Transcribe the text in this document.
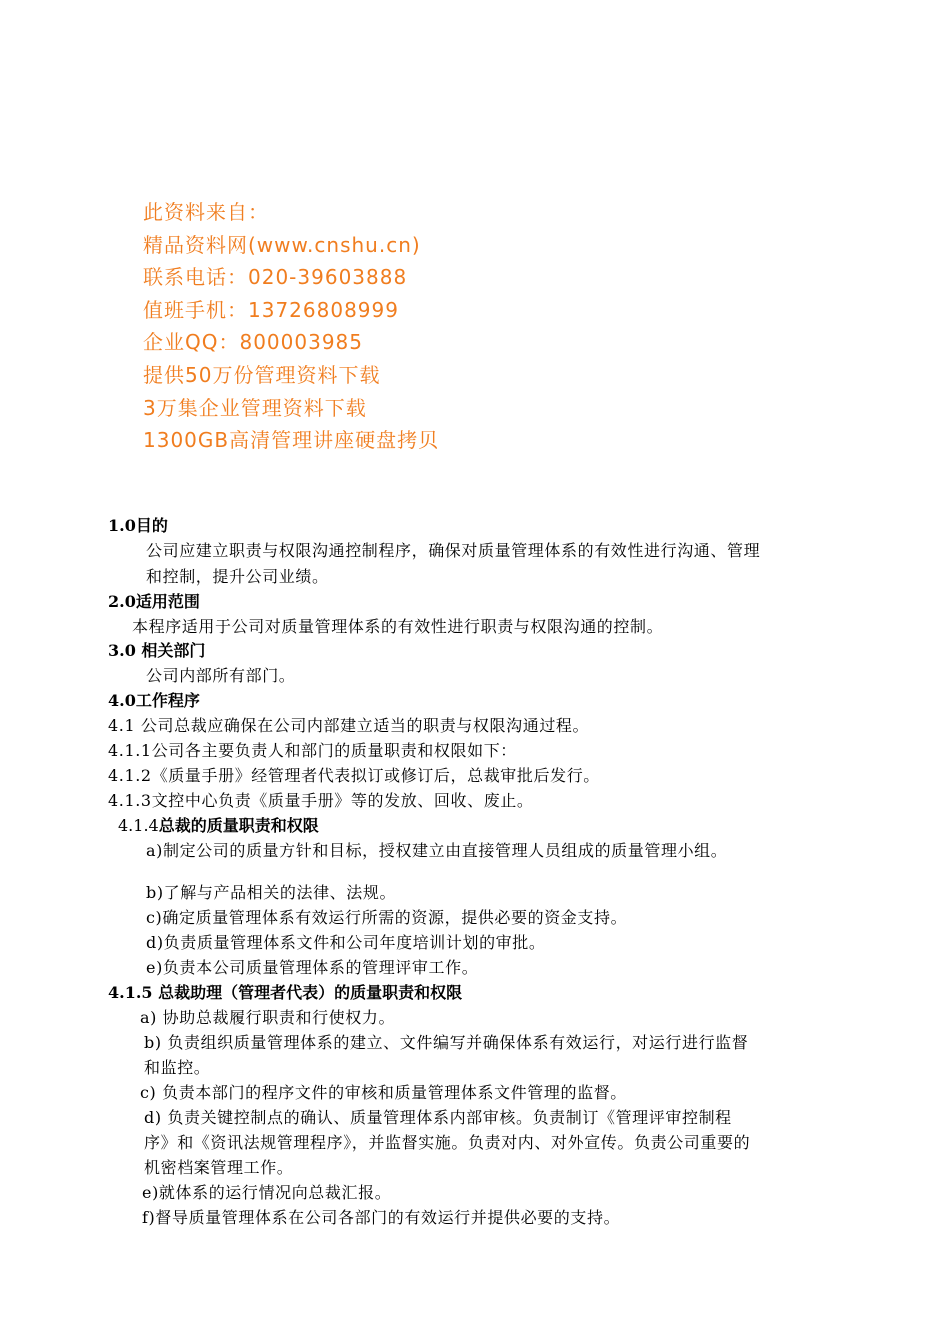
此资料来自：
精品资料网(www.cnshu.cn)
联系电话：020-39603888
值班手机：13726808999
企业QQ：800003985
提供50万份管理资料下载
3万集企业管理资料下载
1300GB高清管理讲座硬盘拷贝
1.0目的
公司应建立职责与权限沟通控制程序，确保对质量管理体系的有效性进行沟通、管理
和控制，提升公司业绩。
2.0适用范围
本程序适用于公司对质量管理体系的有效性进行职责与权限沟通的控制。
3.0 相关部门
公司内部所有部门。
4.0工作程序
4.1 公司总裁应确保在公司内部建立适当的职责与权限沟通过程。
4.1.1公司各主要负责人和部门的质量职责和权限如下：
4.1.2《质量手册》经管理者代表拟订或修订后，总裁审批后发行。
4.1.3文控中心负责《质量手册》等的发放、回收、废止。
4.1.4总裁的质量职责和权限
a)制定公司的质量方针和目标，授权建立由直接管理人员组成的质量管理小组。
b)了解与产品相关的法律、法规。
c)确定质量管理体系有效运行所需的资源，提供必要的资金支持。
d)负责质量管理体系文件和公司年度培训计划的审批。
e)负责本公司质量管理体系的管理评审工作。
4.1.5 总裁助理（管理者代表）的质量职责和权限
a) 协助总裁履行职责和行使权力。
b) 负责组织质量管理体系的建立、文件编写并确保体系有效运行，对运行进行监督
和监控。
c) 负责本部门的程序文件的审核和质量管理体系文件管理的监督。
d) 负责关键控制点的确认、质量管理体系内部审核。负责制订《管理评审控制程
序》和《资讯法规管理程序》，并监督实施。负责对内、对外宣传。负责公司重要的
机密档案管理工作。
e)就体系的运行情况向总裁汇报。
f)督导质量管理体系在公司各部门的有效运行并提供必要的支持。
